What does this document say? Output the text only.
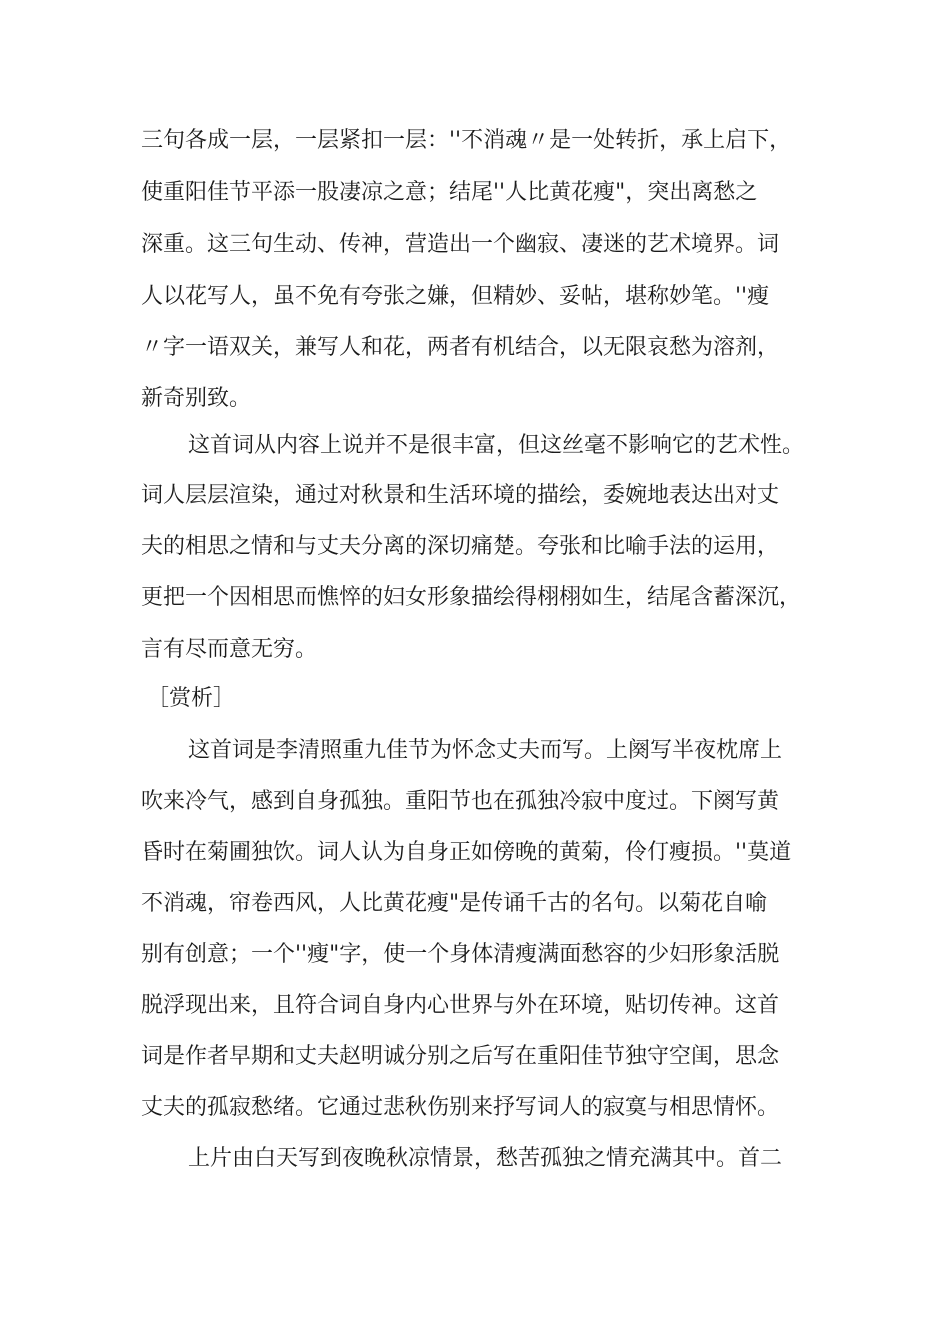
三句各成一层，一层紧扣一层：''不消魂〃是一处转折，承上启下，
使重阳佳节平添一股凄凉之意；结尾''人比黄花瘦"，突出离愁之
深重。这三句生动、传神，营造出一个幽寂、凄迷的艺术境界。词
人以花写人，虽不免有夸张之嫌，但精妙、妥帖，堪称妙笔。''瘦
〃字一语双关，兼写人和花，两者有机结合，以无限哀愁为溶剂，
新奇别致。
这首词从内容上说并不是很丰富，但这丝毫不影响它的艺术性。
词人层层渲染，通过对秋景和生活环境的描绘，委婉地表达出对丈
夫的相思之情和与丈夫分离的深切痛楚。夸张和比喻手法的运用，
更把一个因相思而憔悴的妇女形象描绘得栩栩如生，结尾含蓄深沉，
言有尽而意无穷。
［赏析］
这首词是李清照重九佳节为怀念丈夫而写。上阕写半夜枕席上
吹来冷气，感到自身孤独。重阳节也在孤独冷寂中度过。下阕写黄
昏时在菊圃独饮。词人认为自身正如傍晚的黄菊，伶仃瘦损。''莫道
不消魂，帘卷西风，人比黄花瘦"是传诵千古的名句。以菊花自喻
别有创意；一个''瘦"字，使一个身体清瘦满面愁容的少妇形象活脱
脱浮现出来，且符合词自身内心世界与外在环境，贴切传神。这首
词是作者早期和丈夫赵明诚分别之后写在重阳佳节独守空闺，思念
丈夫的孤寂愁绪。它通过悲秋伤别来抒写词人的寂寞与相思情怀。
上片由白天写到夜晚秋凉情景，愁苦孤独之情充满其中。首二
